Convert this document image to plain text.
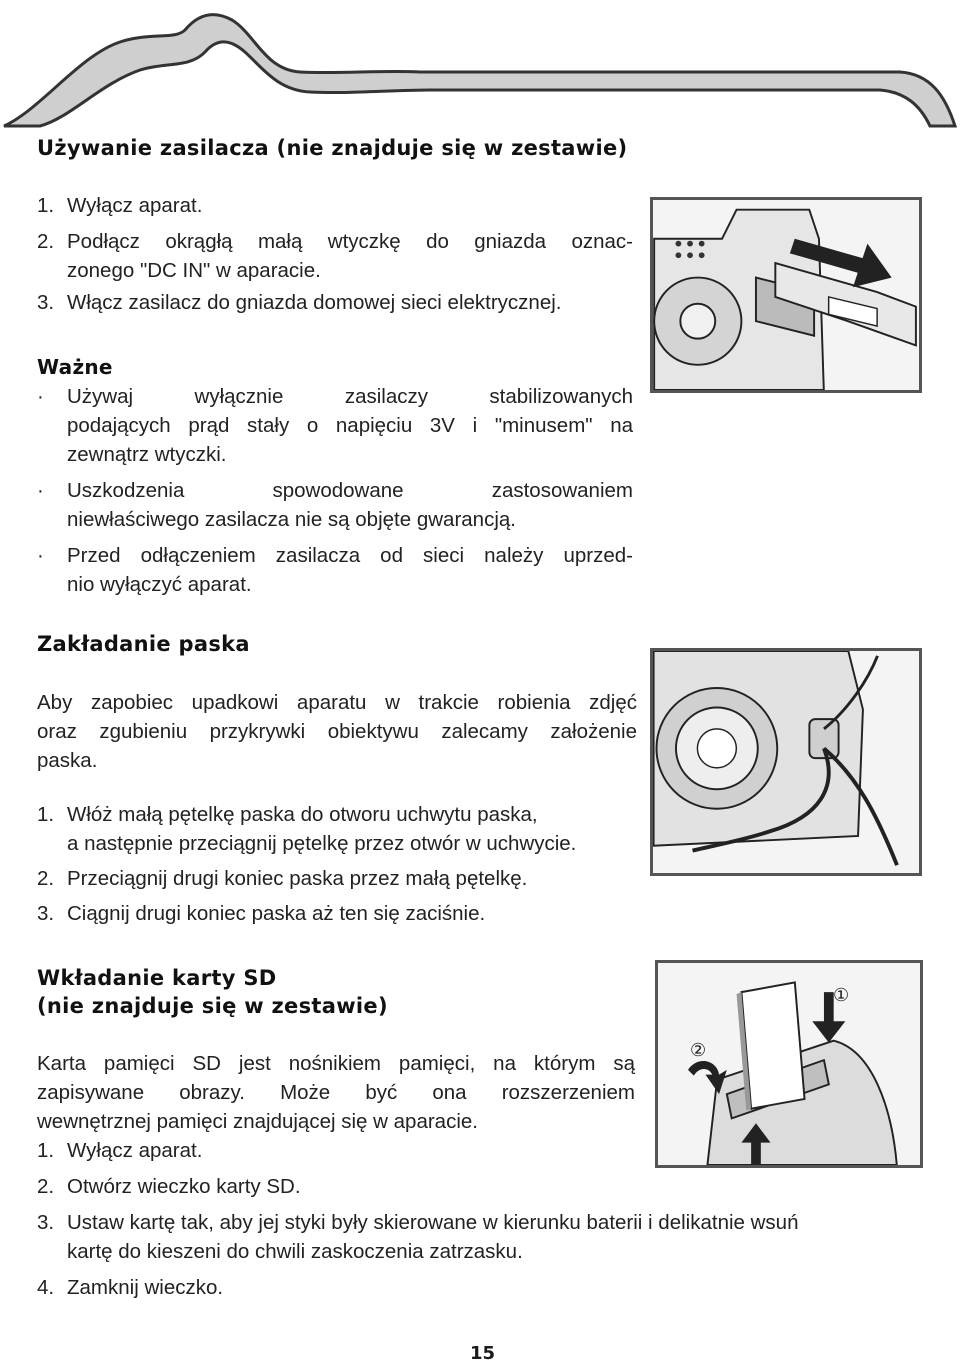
Używanie zasilacza (nie znajduje się w zestawie)
1. Wyłącz aparat.
2. Podłącz okrągłą małą wtyczkę do gniazda oznac-
zonego "DC IN" w aparacie.
3. Włącz zasilacz do gniazda domowej sieci elektrycznej.
Ważne
·	Używaj wyłącznie zasilaczy stabilizowanych
podających prąd stały o napięciu 3V i "minusem" na
zewnątrz wtyczki.
·	Uszkodzenia spowodowane zastosowaniem
niewłaściwego zasilacza nie są objęte gwarancją.
·	Przed odłączeniem zasilacza od sieci należy uprzed-
nio wyłączyć aparat.
Zakładanie paska
Aby zapobiec upadkowi aparatu w trakcie robienia zdjęć
oraz zgubieniu przykrywki obiektywu zalecamy założenie
paska.
1. Włóż małą pętelkę paska do otworu uchwytu paska,
a następnie przeciągnij pętelkę przez otwór w uchwycie.
2. Przeciągnij drugi koniec paska przez małą pętelkę.
3. Ciągnij drugi koniec paska aż ten się zaciśnie.
Wkładanie karty SD
(nie znajduje się w zestawie)
Karta pamięci SD jest nośnikiem pamięci, na którym są
zapisywane obrazy. Może być ona rozszerzeniem
wewnętrznej pamięci znajdującej się w aparacie.
1. Wyłącz aparat.
2. Otwórz wieczko karty SD.
3. Ustaw kartę tak, aby jej styki były skierowane w kierunku baterii i delikatnie wsuń
kartę do kieszeni do chwili zaskoczenia zatrzasku.
4. Zamknij wieczko.
①
②
15
